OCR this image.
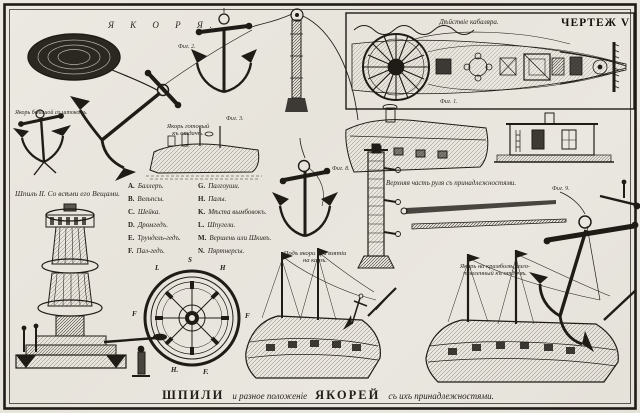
Я К О Р Я.	ЧЕРТЕЖ V
Дѣйствiе кабаляра.
Фиг. 1.
Фиг. 2.
Фиг. 3.
Фиг. 8.
Фиг. 9.
Якорь большой со штокомъ.
Якорь готовый
къ отдачѣ.
Шпиль II. Со всѣми его Вещами.
Верхняя часть руля съ принадлежностями.
A. Баллеръ.
B. Вельпсы.
C. Шейка.
D. Дромгедъ.
E. Трундель-гедъ.
F. Пал-гедъ.
G. Палгоуши.
H. Палы.
K. Мѣста вымбовокъ.
L. Шпугели.
M. Вершень или Шкивъ.
N. Пяртнерсы.
L
S
H
F	F
H.	F.
Подъ якори при взятiи
на катъ.
Якорь на крамболѣ, изго-
товленный къ отдачѣ.
ШПИЛИ и разное положенiе ЯКОРЕЙ съ ихъ принадлежностями.
